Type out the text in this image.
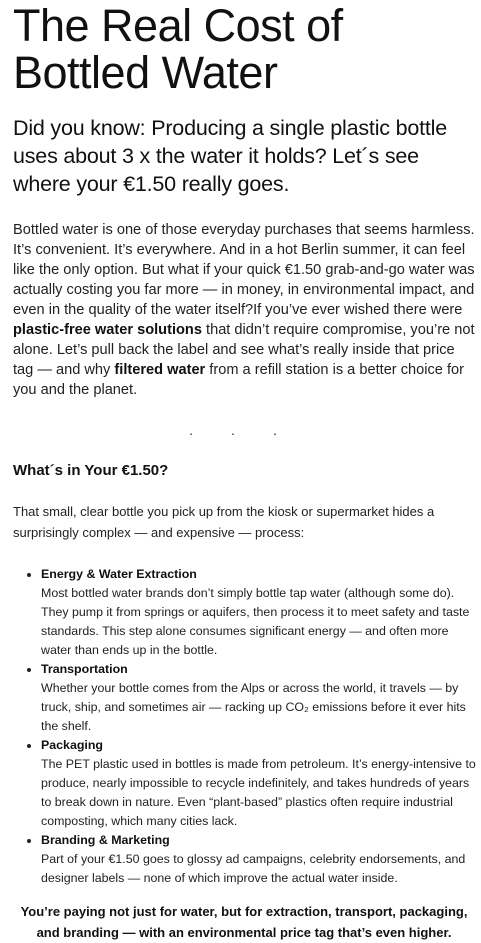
The Real Cost of Bottled Water

Did you know: Producing a single plastic bottle uses about 3 x the water it holds? Let´s see where your €1.50 really goes.

Bottled water is one of those everyday purchases that seems harmless. It’s convenient. It’s everywhere. And in a hot Berlin summer, it can feel like the only option. But what if your quick €1.50 grab-and-go water was actually costing you far more — in money, in environmental impact, and even in the quality of the water itself?If you’ve ever wished there were plastic-free water solutions that didn’t require compromise, you’re not alone. Let’s pull back the label and see what’s really inside that price tag — and why filtered water from a refill station is a better choice for you and the planet.

.	.	.
What´s in Your €1.50?

That small, clear bottle you pick up from the kiosk or supermarket hides a surprisingly complex — and expensive — process:

• Energy & Water Extraction
Most bottled water brands don’t simply bottle tap water (although some do). They pump it from springs or aquifers, then process it to meet safety and taste standards. This step alone consumes significant energy — and often more water than ends up in the bottle.
• Transportation
Whether your bottle comes from the Alps or across the world, it travels — by truck, ship, and sometimes air — racking up CO₂ emissions before it ever hits the shelf.
• Packaging
The PET plastic used in bottles is made from petroleum. It’s energy-intensive to produce, nearly impossible to recycle indefinitely, and takes hundreds of years to break down in nature. Even “plant-based” plastics often require industrial composting, which many cities lack.
• Branding & Marketing
Part of your €1.50 goes to glossy ad campaigns, celebrity endorsements, and designer labels — none of which improve the actual water inside.

You’re paying not just for water, but for extraction, transport, packaging, and branding — with an environmental price tag that’s even higher.
